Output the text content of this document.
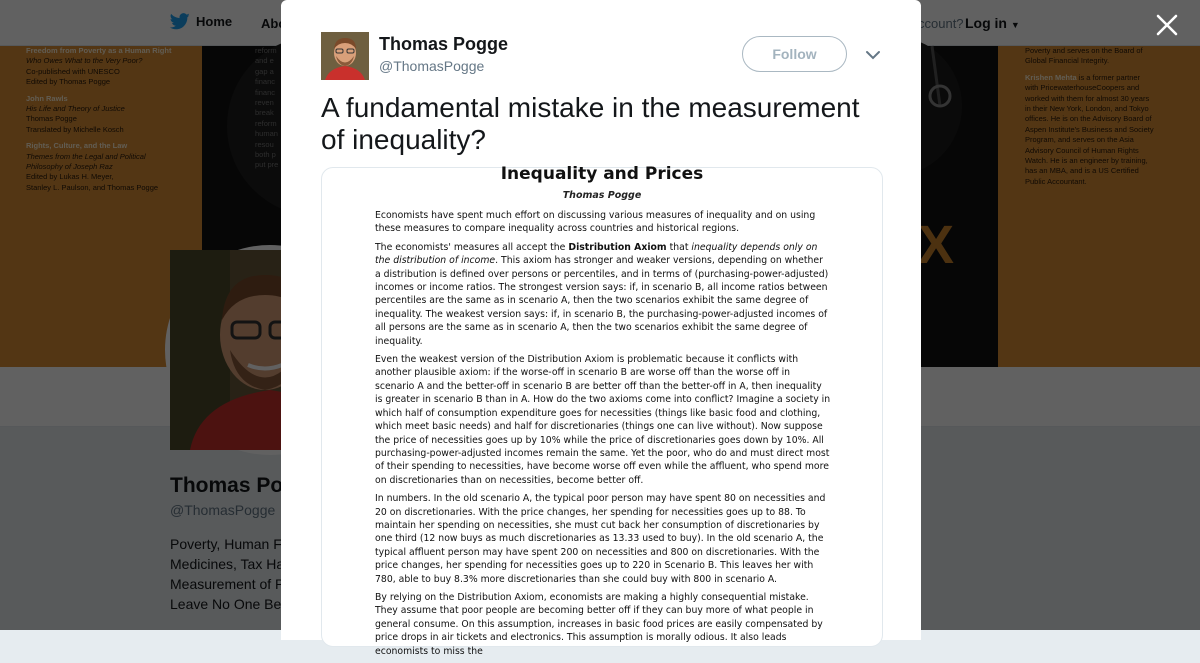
Thomas Pogge
@ThomasPogge
Follow
A fundamental mistake in the measurement of inequality?
Inequality and Prices
Thomas Pogge

Economists have spent much effort on discussing various measures of inequality and on using these measures to compare inequality across countries and historical regions.

The economists' measures all accept the Distribution Axiom that inequality depends only on the distribution of income. This axiom has stronger and weaker versions, depending on whether a distribution is defined over persons or percentiles, and in terms of (purchasing-power-adjusted) incomes or income ratios. The strongest version says: if, in scenario B, all income ratios between percentiles are the same as in scenario A, then the two scenarios exhibit the same degree of inequality. The weakest version says: if, in scenario B, the purchasing-power-adjusted incomes of all persons are the same as in scenario A, then the two scenarios exhibit the same degree of inequality.

Even the weakest version of the Distribution Axiom is problematic because it conflicts with another plausible axiom: if the worse-off in scenario B are worse off than the worse off in scenario A and the better-off in scenario B are better off than the better-off in A, then inequality is greater in scenario B than in A. How do the two axioms come into conflict? Imagine a society in which half of consumption expenditure goes for necessities (things like basic food and clothing, which meet basic needs) and half for discretionaries (things one can live without). Now suppose the price of necessities goes up by 10% while the price of discretionaries goes down by 10%. All purchasing-power-adjusted incomes remain the same. Yet the poor, who do and must direct most of their spending to necessities, have become worse off even while the affluent, who spend more on discretionaries than on necessities, become better off.

In numbers. In the old scenario A, the typical poor person may have spent 80 on necessities and 20 on discretionaries. With the price changes, her spending for necessities goes up to 88. To maintain her spending on necessities, she must cut back her consumption of discretionaries by one third (12 now buys as much discretionaries as 13.33 used to buy). In the old scenario A, the typical affluent person may have spent 200 on necessities and 800 on discretionaries. With the price changes, her spending for necessities goes up to 220 in Scenario B. This leaves her with 780, able to buy 8.3% more discretionaries than she could buy with 800 in scenario A.

By relying on the Distribution Axiom, economists are making a highly consequential mistake. They assume that poor people are becoming better off if they can buy more of what people in general consume. On this assumption, increases in basic food prices are easily compensated by price drops in air tickets and electronics. This assumption is morally odious. It also leads economists to miss the
